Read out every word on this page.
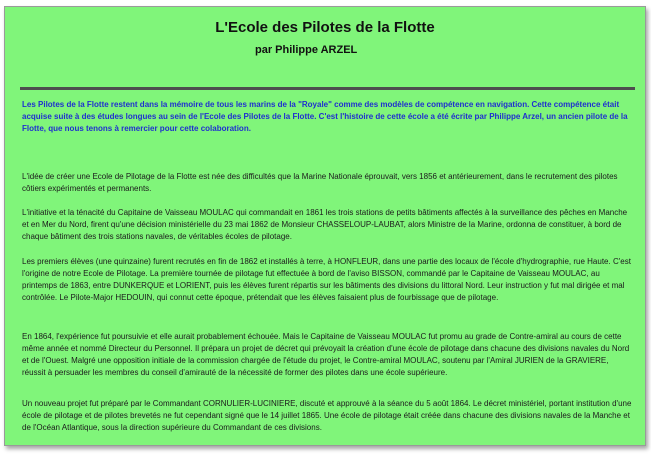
L'Ecole des Pilotes de la Flotte

par Philippe ARZEL

Les Pilotes de la Flotte restent dans la mémoire de tous les marins de la "Royale" comme des modèles de compétence en navigation. Cette compétence était acquise suite à des études longues au sein de l'Ecole des Pilotes de la Flotte. C'est l'histoire de cette école a été écrite par Philippe Arzel, un ancien pilote de la Flotte, que nous tenons à remercier pour cette colaboration.

L'idée de créer une Ecole de Pilotage de la Flotte est née des difficultés que la Marine Nationale éprouvait, vers 1856 et antérieurement, dans le recrutement des pilotes côtiers expérimentés et permanents.

L'initiative et la ténacité du Capitaine de Vaisseau MOULAC qui commandait en 1861 les trois stations de petits bâtiments affectés à la surveillance des pêches en Manche et en Mer du Nord, firent qu'une décision ministérielle du 23 mai 1862 de Monsieur CHASSELOUP-LAUBAT, alors Ministre de la Marine, ordonna de constituer, à bord de chaque bâtiment des trois stations navales, de véritables écoles de pilotage.

Les premiers élèves (une quinzaine) furent recrutés en fin de 1862 et installés à terre, à HONFLEUR, dans une partie des locaux de l'école d'hydrographie, rue Haute. C'est l'origine de notre Ecole de Pilotage. La première tournée de pilotage fut effectuée à bord de l'aviso BISSON, commandé par le Capitaine de Vaisseau MOULAC, au printemps de 1863, entre DUNKERQUE et LORIENT, puis les élèves furent répartis sur les bâtiments des divisions du littoral Nord. Leur instruction y fut mal dirigée et mal contrôlée. Le Pilote-Major HEDOUIN, qui connut cette époque, prétendait que les élèves faisaient plus de fourbissage que de pilotage.

En 1864, l'expérience fut poursuivie et elle aurait probablement échouée. Mais le Capitaine de Vaisseau MOULAC fut promu au grade de Contre-amiral au cours de cette même année et nommé Directeur du Personnel. Il prépara un projet de décret qui prévoyait la création d'une école de pilotage dans chacune des divisions navales du Nord et de l'Ouest. Malgré une opposition initiale de la commission chargée de l'étude du projet, le Contre-amiral MOULAC, soutenu par l'Amiral JURIEN de la GRAVIERE, réussit à persuader les membres du conseil d'amirauté de la nécessité de former des pilotes dans une école supérieure.

Un nouveau projet fut préparé par le Commandant CORNULIER-LUCINIERE, discuté et approuvé à la séance du 5 août 1864. Le décret ministériel, portant institution d'une école de pilotage et de pilotes brevetés ne fut cependant signé que le 14 juillet 1865. Une école de pilotage était créée dans chacune des divisions navales de la Manche et de l'Océan Atlantique, sous la direction supérieure du Commandant de ces divisions.
